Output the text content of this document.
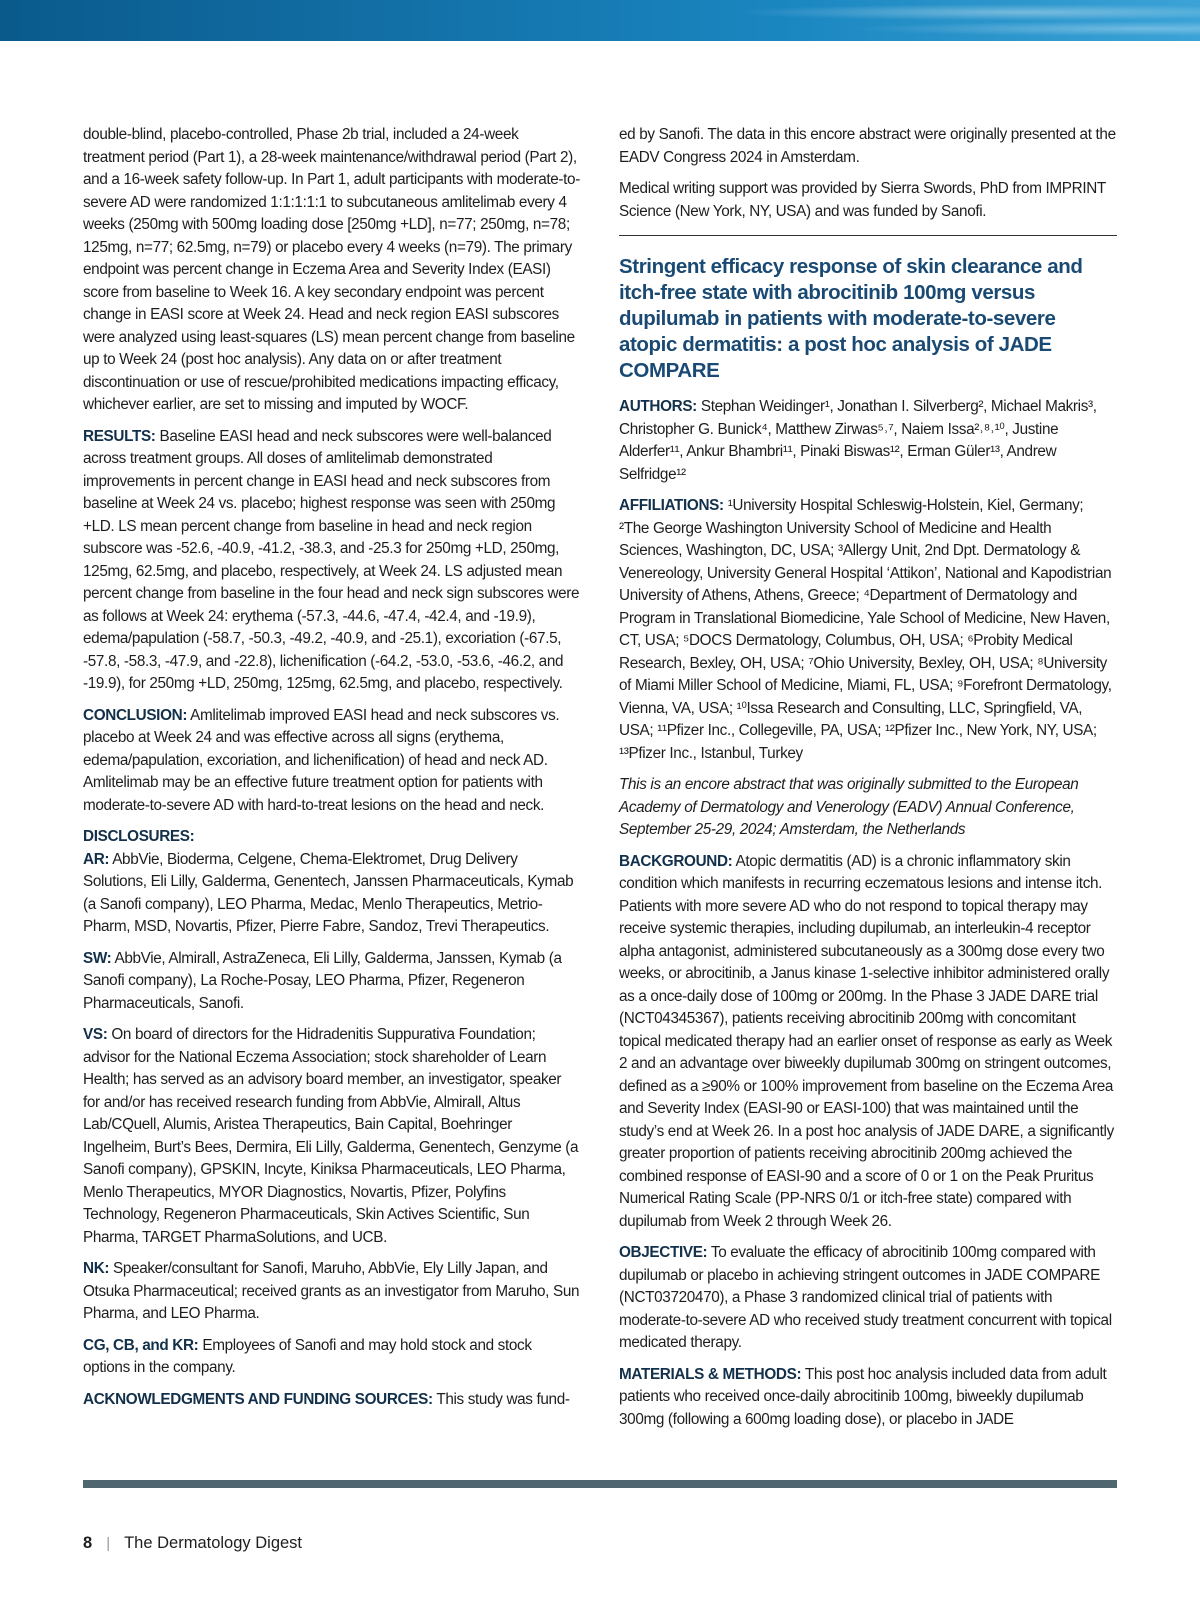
double-blind, placebo-controlled, Phase 2b trial, included a 24-week treatment period (Part 1), a 28-week maintenance/withdrawal period (Part 2), and a 16-week safety follow-up. In Part 1, adult participants with moderate-to-severe AD were randomized 1:1:1:1:1 to subcutaneous amlitelimab every 4 weeks (250mg with 500mg loading dose [250mg +LD], n=77; 250mg, n=78; 125mg, n=77; 62.5mg, n=79) or placebo every 4 weeks (n=79). The primary endpoint was percent change in Eczema Area and Severity Index (EASI) score from baseline to Week 16. A key secondary endpoint was percent change in EASI score at Week 24. Head and neck region EASI subscores were analyzed using least-squares (LS) mean percent change from baseline up to Week 24 (post hoc analysis). Any data on or after treatment discontinuation or use of rescue/prohibited medications impacting efficacy, whichever earlier, are set to missing and imputed by WOCF.

RESULTS: Baseline EASI head and neck subscores were well-balanced across treatment groups. All doses of amlitelimab demonstrated improvements in percent change in EASI head and neck subscores from baseline at Week 24 vs. placebo; highest response was seen with 250mg +LD. LS mean percent change from baseline in head and neck region subscore was -52.6, -40.9, -41.2, -38.3, and -25.3 for 250mg +LD, 250mg, 125mg, 62.5mg, and placebo, respectively, at Week 24. LS adjusted mean percent change from baseline in the four head and neck sign subscores were as follows at Week 24: erythema (-57.3, -44.6, -47.4, -42.4, and -19.9), edema/papulation (-58.7, -50.3, -49.2, -40.9, and -25.1), excoriation (-67.5, -57.8, -58.3, -47.9, and -22.8), lichenification (-64.2, -53.0, -53.6, -46.2, and -19.9), for 250mg +LD, 250mg, 125mg, 62.5mg, and placebo, respectively.

CONCLUSION: Amlitelimab improved EASI head and neck subscores vs. placebo at Week 24 and was effective across all signs (erythema, edema/papulation, excoriation, and lichenification) of head and neck AD. Amlitelimab may be an effective future treatment option for patients with moderate-to-severe AD with hard-to-treat lesions on the head and neck.

DISCLOSURES:

AR: AbbVie, Bioderma, Celgene, Chema-Elektromet, Drug Delivery Solutions, Eli Lilly, Galderma, Genentech, Janssen Pharmaceuticals, Kymab (a Sanofi company), LEO Pharma, Medac, Menlo Therapeutics, Metrio-Pharm, MSD, Novartis, Pfizer, Pierre Fabre, Sandoz, Trevi Therapeutics.

SW: AbbVie, Almirall, AstraZeneca, Eli Lilly, Galderma, Janssen, Kymab (a Sanofi company), La Roche-Posay, LEO Pharma, Pfizer, Regeneron Pharmaceuticals, Sanofi.

VS: On board of directors for the Hidradenitis Suppurativa Foundation; advisor for the National Eczema Association; stock shareholder of Learn Health; has served as an advisory board member, an investigator, speaker for and/or has received research funding from AbbVie, Almirall, Altus Lab/CQuell, Alumis, Aristea Therapeutics, Bain Capital, Boehringer Ingelheim, Burt’s Bees, Dermira, Eli Lilly, Galderma, Genentech, Genzyme (a Sanofi company), GPSKIN, Incyte, Kiniksa Pharmaceuticals, LEO Pharma, Menlo Therapeutics, MYOR Diagnostics, Novartis, Pfizer, Polyfins Technology, Regeneron Pharmaceuticals, Skin Actives Scientific, Sun Pharma, TARGET PharmaSolutions, and UCB.

NK: Speaker/consultant for Sanofi, Maruho, AbbVie, Ely Lilly Japan, and Otsuka Pharmaceutical; received grants as an investigator from Maruho, Sun Pharma, and LEO Pharma.

CG, CB, and KR: Employees of Sanofi and may hold stock and stock options in the company.

ACKNOWLEDGMENTS AND FUNDING SOURCES: This study was fund-

ed by Sanofi. The data in this encore abstract were originally presented at the EADV Congress 2024 in Amsterdam.

Medical writing support was provided by Sierra Swords, PhD from IMPRINT Science (New York, NY, USA) and was funded by Sanofi.

Stringent efficacy response of skin clearance and itch-free state with abrocitinib 100mg versus dupilumab in patients with moderate-to-severe atopic dermatitis: a post hoc analysis of JADE COMPARE

AUTHORS: Stephan Weidinger¹, Jonathan I. Silverberg², Michael Makris³, Christopher G. Bunick⁴, Matthew Zirwas⁵˒⁷, Naiem Issa²˒⁸˒¹⁰, Justine Alderfer¹¹, Ankur Bhambri¹¹, Pinaki Biswas¹², Erman Güler¹³, Andrew Selfridge¹²

AFFILIATIONS: ¹University Hospital Schleswig-Holstein, Kiel, Germany; ²The George Washington University School of Medicine and Health Sciences, Washington, DC, USA; ³Allergy Unit, 2nd Dpt. Dermatology & Venereology, University General Hospital ‘Attikon’, National and Kapodistrian University of Athens, Athens, Greece; ⁴Department of Dermatology and Program in Translational Biomedicine, Yale School of Medicine, New Haven, CT, USA; ⁵DOCS Dermatology, Columbus, OH, USA; ⁶Probity Medical Research, Bexley, OH, USA; ⁷Ohio University, Bexley, OH, USA; ⁸University of Miami Miller School of Medicine, Miami, FL, USA; ⁹Forefront Dermatology, Vienna, VA, USA; ¹⁰Issa Research and Consulting, LLC, Springfield, VA, USA; ¹¹Pfizer Inc., Collegeville, PA, USA; ¹²Pfizer Inc., New York, NY, USA; ¹³Pfizer Inc., Istanbul, Turkey

This is an encore abstract that was originally submitted to the European Academy of Dermatology and Venerology (EADV) Annual Conference, September 25-29, 2024; Amsterdam, the Netherlands

BACKGROUND: Atopic dermatitis (AD) is a chronic inflammatory skin condition which manifests in recurring eczematous lesions and intense itch. Patients with more severe AD who do not respond to topical therapy may receive systemic therapies, including dupilumab, an interleukin-4 receptor alpha antagonist, administered subcutaneously as a 300mg dose every two weeks, or abrocitinib, a Janus kinase 1-selective inhibitor administered orally as a once-daily dose of 100mg or 200mg. In the Phase 3 JADE DARE trial (NCT04345367), patients receiving abrocitinib 200mg with concomitant topical medicated therapy had an earlier onset of response as early as Week 2 and an advantage over biweekly dupilumab 300mg on stringent outcomes, defined as a ≥90% or 100% improvement from baseline on the Eczema Area and Severity Index (EASI-90 or EASI-100) that was maintained until the study’s end at Week 26. In a post hoc analysis of JADE DARE, a significantly greater proportion of patients receiving abrocitinib 200mg achieved the combined response of EASI-90 and a score of 0 or 1 on the Peak Pruritus Numerical Rating Scale (PP-NRS 0/1 or itch-free state) compared with dupilumab from Week 2 through Week 26.

OBJECTIVE: To evaluate the efficacy of abrocitinib 100mg compared with dupilumab or placebo in achieving stringent outcomes in JADE COMPARE (NCT03720470), a Phase 3 randomized clinical trial of patients with moderate-to-severe AD who received study treatment concurrent with topical medicated therapy.

MATERIALS & METHODS: This post hoc analysis included data from adult patients who received once-daily abrocitinib 100mg, biweekly dupilumab 300mg (following a 600mg loading dose), or placebo in JADE

8 | The Dermatology Digest
